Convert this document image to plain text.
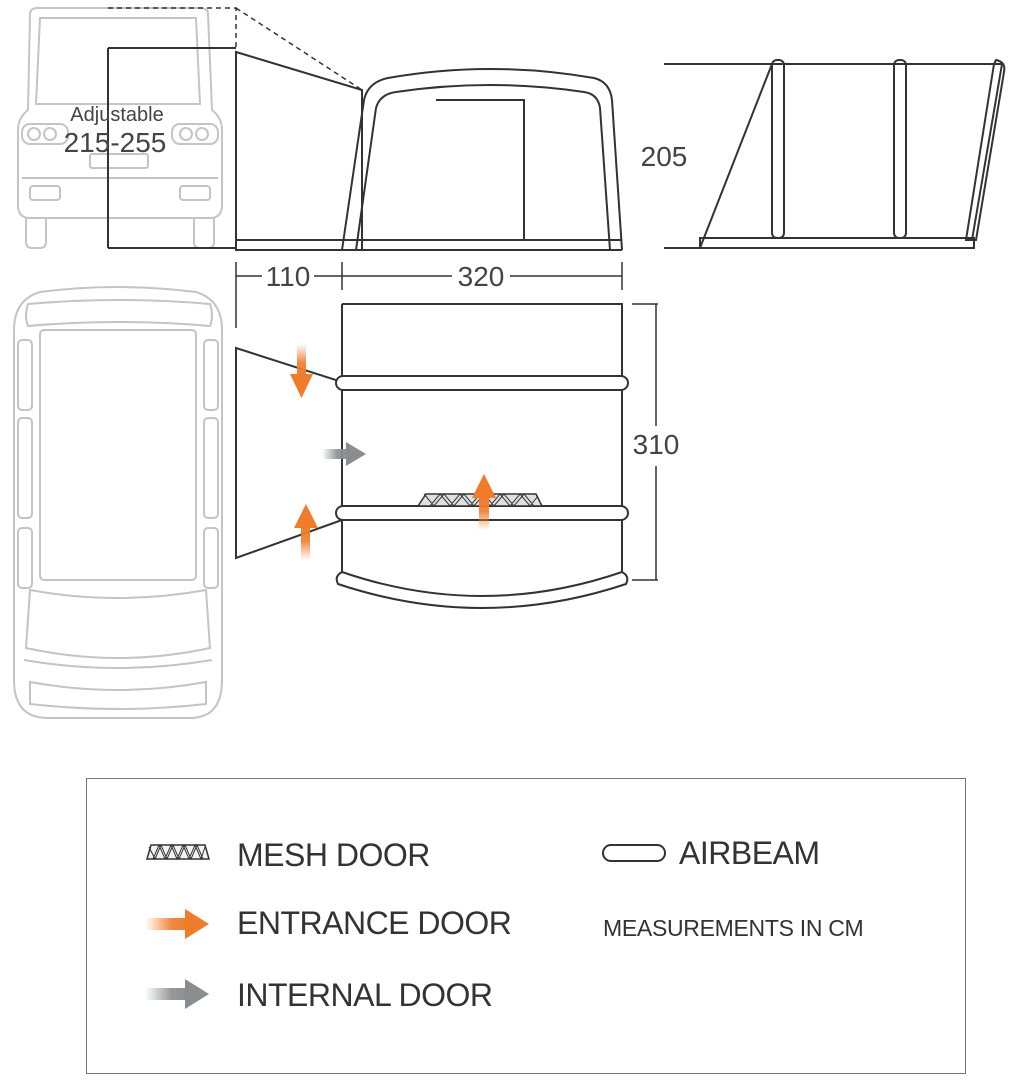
Adjustable
215-255
110	320
205
310
MESH DOOR
ENTRANCE DOOR
INTERNAL DOOR
AIRBEAM
MEASUREMENTS IN CM
